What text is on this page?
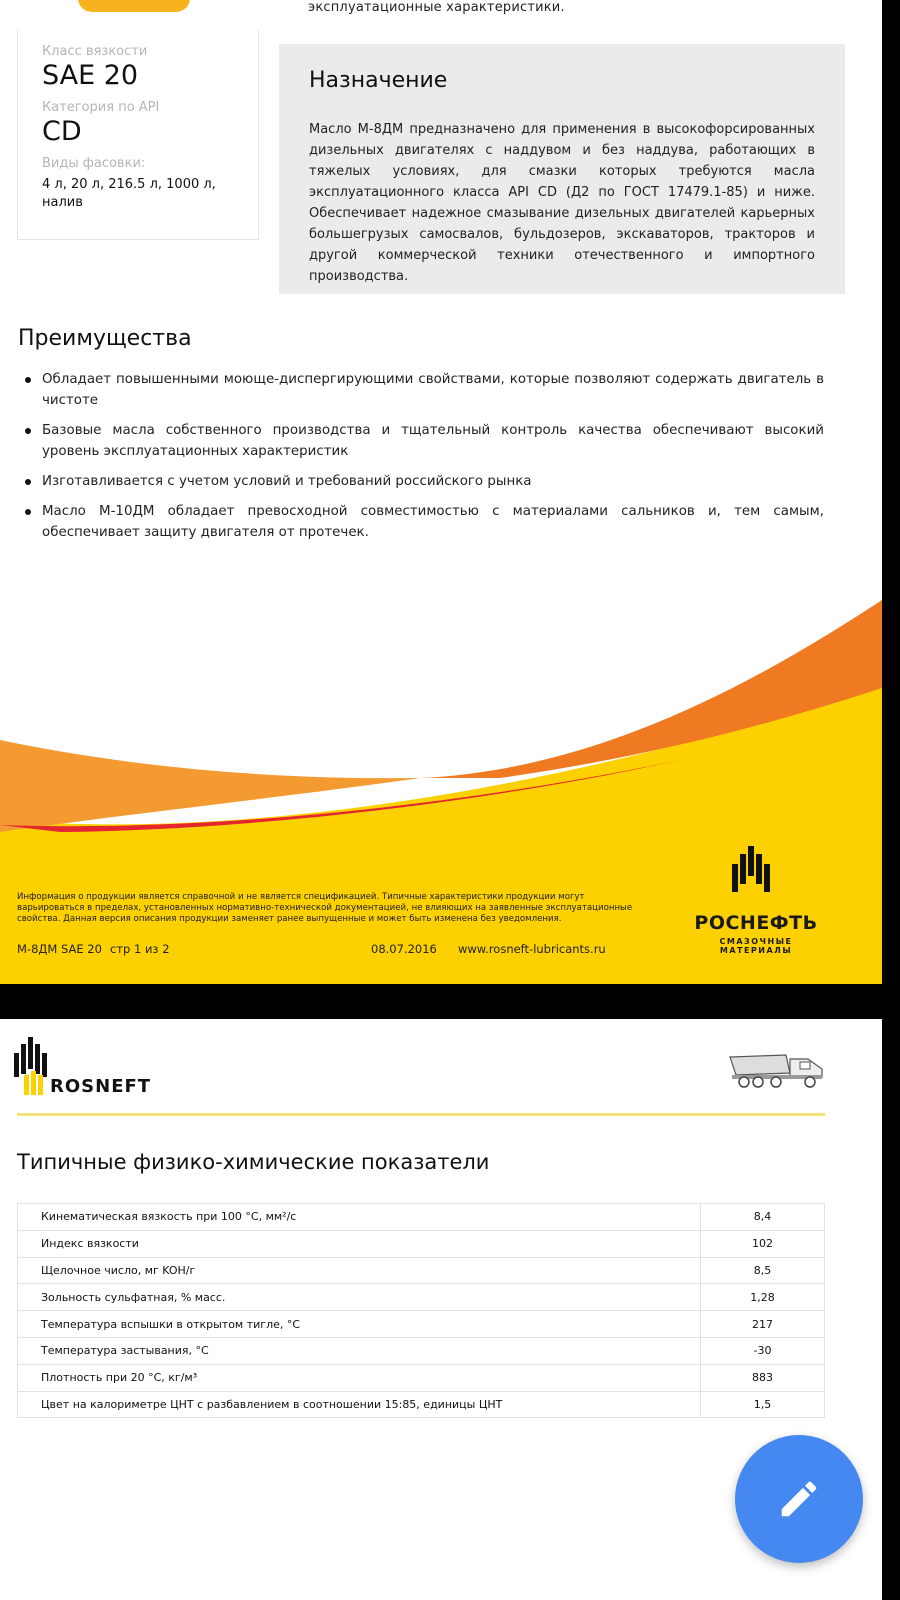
эксплуатационные характеристики.
Класс вязкости
SAE 20
Категория по API
CD
Виды фасовки:
4 л, 20 л, 216.5 л, 1000 л, налив
Назначение

Масло М-8ДМ предназначено для применения в высокофорсированных дизельных двигателях с наддувом и без наддува, работающих в тяжелых условиях, для смазки которых требуются масла эксплуатационного класса API CD (Д2 по ГОСТ 17479.1-85) и ниже. Обеспечивает надежное смазывание дизельных двигателей карьерных большегрузых самосвалов, бульдозеров, экскаваторов, тракторов и другой коммерческой техники отечественного и импортного производства.

Преимущества
Обладает повышенными моюще-диспергирующими свойствами, которые позволяют содержать двигатель в чистоте
Базовые масла собственного производства и тщательный контроль качества обеспечивают высокий уровень эксплуатационных характеристик
Изготавливается с учетом условий и требований российского рынка
Масло М-10ДМ обладает превосходной совместимостью с материалами сальников и, тем самым, обеспечивает защиту двигателя от протечек.
Информация о продукции является справочной и не является спецификацией. Типичные характеристики продукции могут варьироваться в пределах, установленных нормативно-технической документацией, не влияющих на заявленные эксплуатационные свойства. Данная версия описания продукции заменяет ранее выпущенные и может быть изменена без уведомления.
М-8ДМ SAE 20 стр 1 из 2	08.07.2016 www.rosneft-lubricants.ru
РОСНЕФТЬ
СМАЗОЧНЫЕ МАТЕРИАЛЫ
ROSNEFT
Типичные физико-химические показатели
Кинематическая вязкость при 100 °C, мм²/с	8,4
Индекс вязкости	102
Щелочное число, мг KOH/г	8,5
Зольность сульфатная, % масс.	1,28
Температура вспышки в открытом тигле, °C	217
Температура застывания, °C	-30
Плотность при 20 °C, кг/м³	883
Цвет на калориметре ЦНТ с разбавлением в соотношении 15:85, единицы ЦНТ	1,5
